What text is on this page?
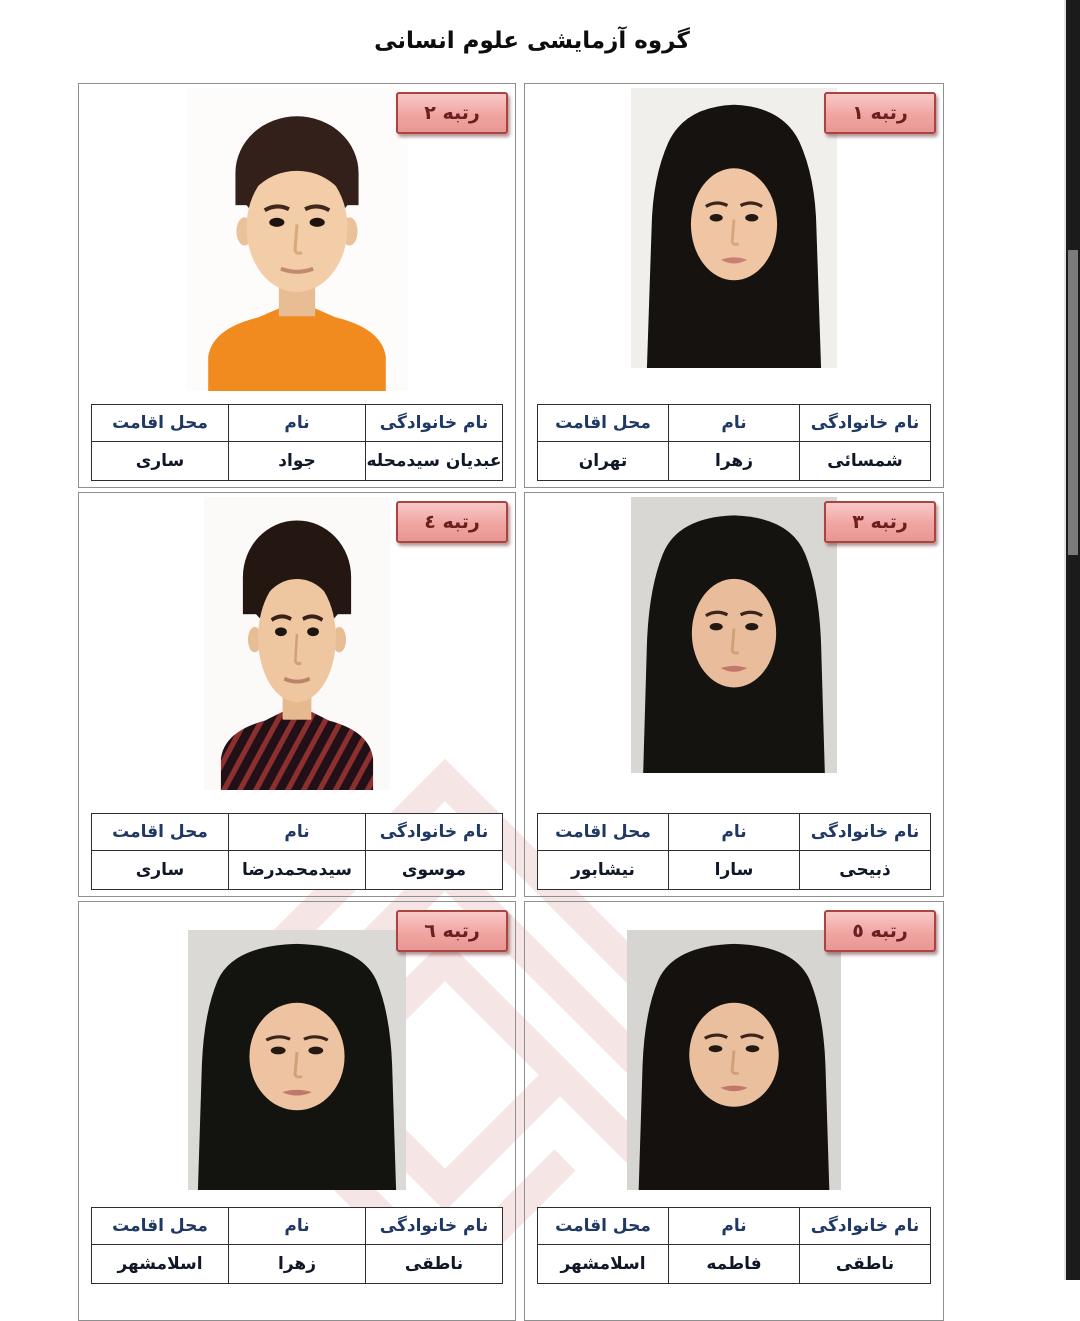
گروه آزمایشی علوم انسانی
رتبه ۱
نام خانوادگی	نام	محل اقامت
شمسائی	زهرا	تهران
رتبه ۲
نام خانوادگی	نام	محل اقامت
عبدیان سیدمحله	جواد	ساری
رتبه ۳
نام خانوادگی	نام	محل اقامت
ذبیحی	سارا	نیشابور
رتبه ٤
نام خانوادگی	نام	محل اقامت
موسوی	سیدمحمدرضا	ساری
رتبه ٥
نام خانوادگی	نام	محل اقامت
ناطقی	فاطمه	اسلامشهر
رتبه ٦
نام خانوادگی	نام	محل اقامت
ناطقی	زهرا	اسلامشهر
